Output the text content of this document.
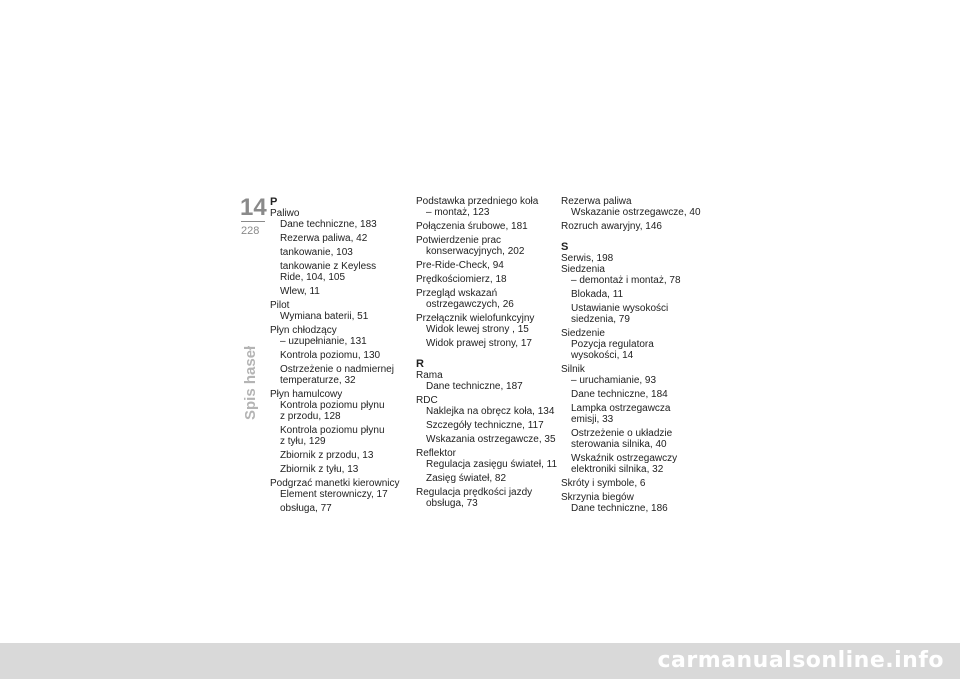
14
228
Spis haseł
P
Paliwo
Dane techniczne, 183
Rezerwa paliwa, 42
tankowanie, 103
tankowanie z Keyless
Ride, 104, 105
Wlew, 11
Pilot
Wymiana baterii, 51
Płyn chłodzący
– uzupełnianie, 131
Kontrola poziomu, 130
Ostrzeżenie o nadmiernej
temperaturze, 32
Płyn hamulcowy
Kontrola poziomu płynu
z przodu, 128
Kontrola poziomu płynu
z tyłu, 129
Zbiornik z przodu, 13
Zbiornik z tyłu, 13
Podgrzać manetki kierownicy
Element sterowniczy, 17
obsługa, 77
Podstawka przedniego koła
– montaż, 123
Połączenia śrubowe, 181
Potwierdzenie prac
konserwacyjnych, 202
Pre-Ride-Check, 94
Prędkościomierz, 18
Przegląd wskazań
ostrzegawczych, 26
Przełącznik wielofunkcyjny
Widok lewej strony , 15
Widok prawej strony, 17
R
Rama
Dane techniczne, 187
RDC
Naklejka na obręcz koła, 134
Szczegóły techniczne, 117
Wskazania ostrzegawcze, 35
Reflektor
Regulacja zasięgu świateł, 11
Zasięg świateł, 82
Regulacja prędkości jazdy
obsługa, 73
Rezerwa paliwa
Wskazanie ostrzegawcze, 40
Rozruch awaryjny, 146
S
Serwis, 198
Siedzenia
– demontaż i montaż, 78
Blokada, 11
Ustawianie wysokości
siedzenia, 79
Siedzenie
Pozycja regulatora
wysokości, 14
Silnik
– uruchamianie, 93
Dane techniczne, 184
Lampka ostrzegawcza
emisji, 33
Ostrzeżenie o układzie
sterowania silnika, 40
Wskaźnik ostrzegawczy
elektroniki silnika, 32
Skróty i symbole, 6
Skrzynia biegów
Dane techniczne, 186
carmanualsonline.info
